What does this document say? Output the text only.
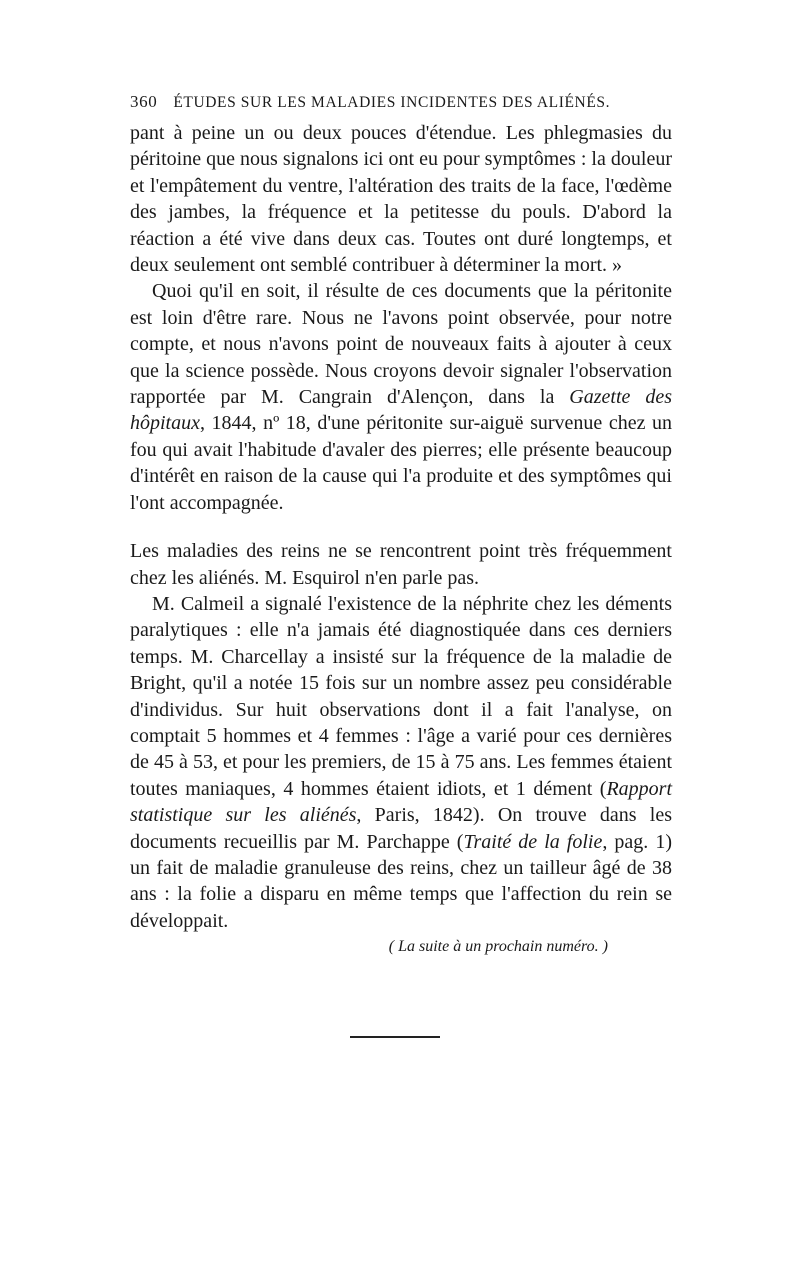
360 ÉTUDES SUR LES MALADIES INCIDENTES DES ALIÉNÉS.

pant à peine un ou deux pouces d'étendue. Les phlegmasies du péritoine que nous signalons ici ont eu pour symptômes : la douleur et l'empâtement du ventre, l'altération des traits de la face, l'œdème des jambes, la fréquence et la petitesse du pouls. D'abord la réaction a été vive dans deux cas. Toutes ont duré longtemps, et deux seulement ont semblé contribuer à déterminer la mort. »

Quoi qu'il en soit, il résulte de ces documents que la péritonite est loin d'être rare. Nous ne l'avons point observée, pour notre compte, et nous n'avons point de nouveaux faits à ajouter à ceux que la science possède. Nous croyons devoir signaler l'observation rapportée par M. Cangrain d'Alençon, dans la Gazette des hôpitaux, 1844, nº 18, d'une péritonite sur-aiguë survenue chez un fou qui avait l'habitude d'avaler des pierres; elle présente beaucoup d'intérêt en raison de la cause qui l'a produite et des symptômes qui l'ont accompagnée.

Les maladies des reins ne se rencontrent point très fréquemment chez les aliénés. M. Esquirol n'en parle pas.

M. Calmeil a signalé l'existence de la néphrite chez les déments paralytiques : elle n'a jamais été diagnostiquée dans ces derniers temps. M. Charcellay a insisté sur la fréquence de la maladie de Bright, qu'il a notée 15 fois sur un nombre assez peu considérable d'individus. Sur huit observations dont il a fait l'analyse, on comptait 5 hommes et 4 femmes : l'âge a varié pour ces dernières de 45 à 53, et pour les premiers, de 15 à 75 ans. Les femmes étaient toutes maniaques, 4 hommes étaient idiots, et 1 dément (Rapport statistique sur les aliénés, Paris, 1842). On trouve dans les documents recueillis par M. Parchappe (Traité de la folie, pag. 1) un fait de maladie granuleuse des reins, chez un tailleur âgé de 38 ans : la folie a disparu en même temps que l'affection du rein se développait.

( La suite à un prochain numéro. )
